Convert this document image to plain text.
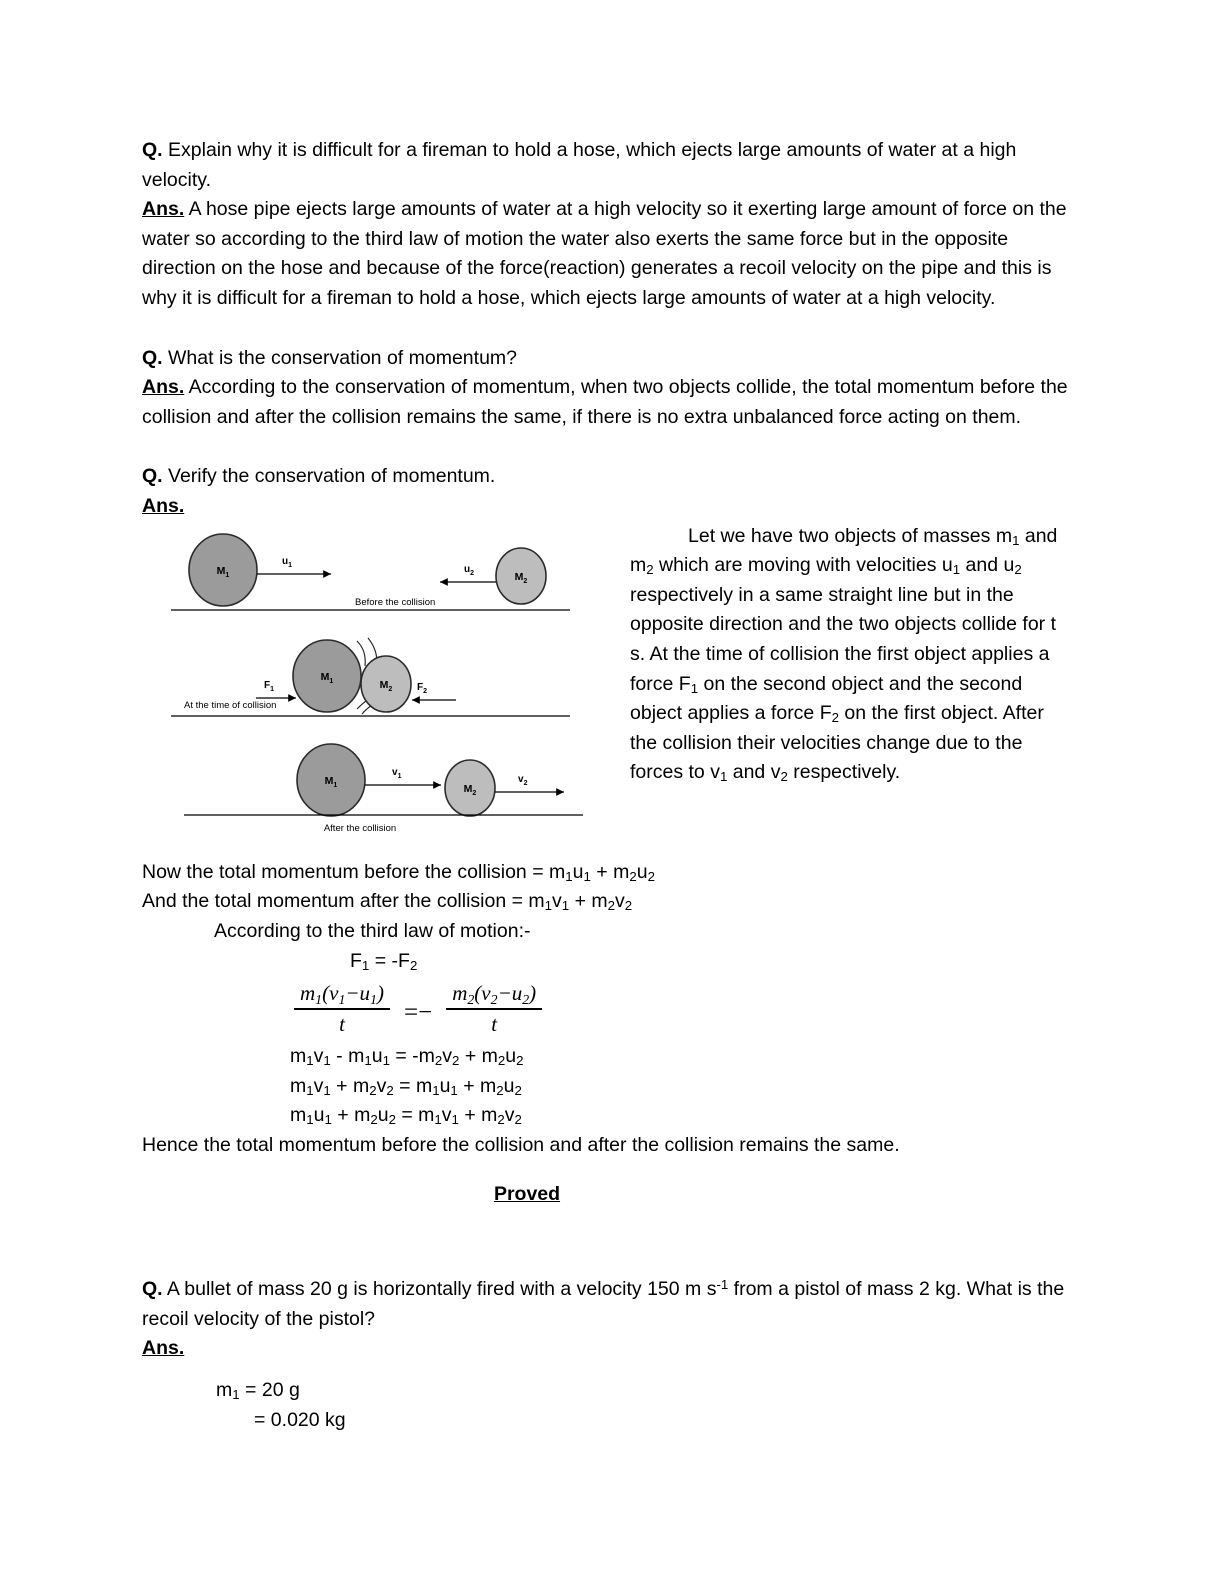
Q. Explain why it is difficult for a fireman to hold a hose, which ejects large amounts of water at a high velocity.
Ans. A hose pipe ejects large amounts of water at a high velocity so it exerting large amount of force on the water so according to the third law of motion the water also exerts the same force but in the opposite direction on the hose and because of the force(reaction) generates a recoil velocity on the pipe and this is why it is difficult for a fireman to hold a hose, which ejects large amounts of water at a high velocity.

Q. What is the conservation of momentum?
Ans. According to the conservation of momentum, when two objects collide, the total momentum before the collision and after the collision remains the same, if there is no extra unbalanced force acting on them.

Q. Verify the conservation of momentum.
Ans.

$M_1$
$u_1$
$M_2$
$u_2$
Before the collision
$M_1$	$M_2$
$F_1$	$F_2$
At the time of collision
$M_1$
$v_1$
$M_2$
$v_2$
After the collision

Let we have two objects of masses $m_1$ and $m_2$ which are moving with velocities $u_1$ and $u_2$ respectively in a same straight line but in the opposite direction and the two objects collide for t s. At the time of collision the first object applies a force $F_1$ on the second object and the second object applies a force $F_2$ on the first object. After the collision their velocities change due to the forces to $v_1$ and $v_2$ respectively.

Now the total momentum before the collision = $m_1u_1 + m_2u_2$

And the total momentum after the collision = $m_1v_1 + m_2v_2$

According to the third law of motion:-

$F_1 = -F_2$

$\frac{m_1(v_1-u_1)}{t} =- \frac{m_2(v_2-u_2)}{t}$

$m_1v_1 - m_1u_1 = -m_2v_2 + m_2u_2$

$m_1v_1 + m_2v_2 = m_1u_1 + m_2u_2$

$m_1u_1 + m_2u_2 = m_1v_1 + m_2v_2$

Hence the total momentum before the collision and after the collision remains the same.

Proved

Q. A bullet of mass 20 g is horizontally fired with a velocity 150 m $s^{-1}$ from a pistol of mass 2 kg. What is the recoil velocity of the pistol?
Ans.

$m_1 = 20$ g

= 0.020 kg
